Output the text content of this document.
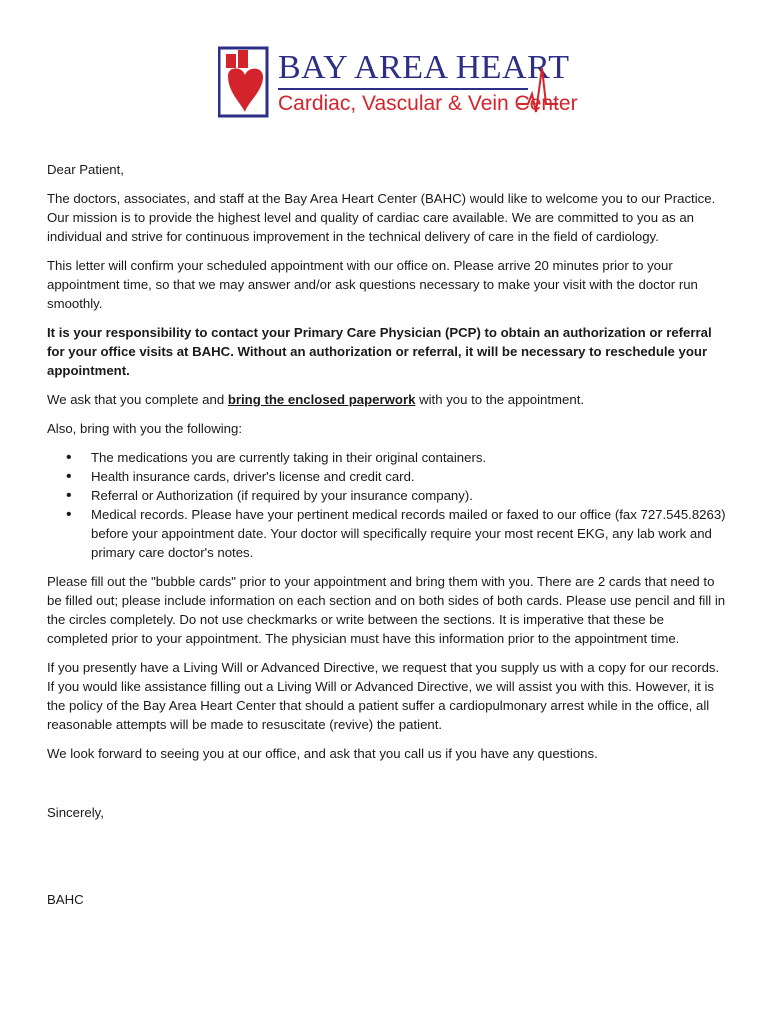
BAY AREA HEART
Cardiac, Vascular & Vein Center

Dear Patient,

The doctors, associates, and staff at the Bay Area Heart Center (BAHC) would like to welcome you to our Practice. Our mission is to provide the highest level and quality of cardiac care available. We are committed to you as an individual and strive for continuous improvement in the technical delivery of care in the field of cardiology.

This letter will confirm your scheduled appointment with our office on. Please arrive 20 minutes prior to your appointment time, so that we may answer and/or ask questions necessary to make your visit with the doctor run smoothly.

It is your responsibility to contact your Primary Care Physician (PCP) to obtain an authorization or referral for your office visits at BAHC. Without an authorization or referral, it will be necessary to reschedule your appointment.

We ask that you complete and bring the enclosed paperwork with you to the appointment.

Also, bring with you the following:

• The medications you are currently taking in their original containers.
• Health insurance cards, driver's license and credit card.
• Referral or Authorization (if required by your insurance company).
• Medical records. Please have your pertinent medical records mailed or faxed to our office (fax 727.545.8263) before your appointment date. Your doctor will specifically require your most recent EKG, any lab work and primary care doctor's notes.

Please fill out the "bubble cards" prior to your appointment and bring them with you. There are 2 cards that need to be filled out; please include information on each section and on both sides of both cards. Please use pencil and fill in the circles completely. Do not use checkmarks or write between the sections. It is imperative that these be completed prior to your appointment. The physician must have this information prior to the appointment time.

If you presently have a Living Will or Advanced Directive, we request that you supply us with a copy for our records. If you would like assistance filling out a Living Will or Advanced Directive, we will assist you with this. However, it is the policy of the Bay Area Heart Center that should a patient suffer a cardiopulmonary arrest while in the office, all reasonable attempts will be made to resuscitate (revive) the patient.

We look forward to seeing you at our office, and ask that you call us if you have any questions.

Sincerely,

BAHC
